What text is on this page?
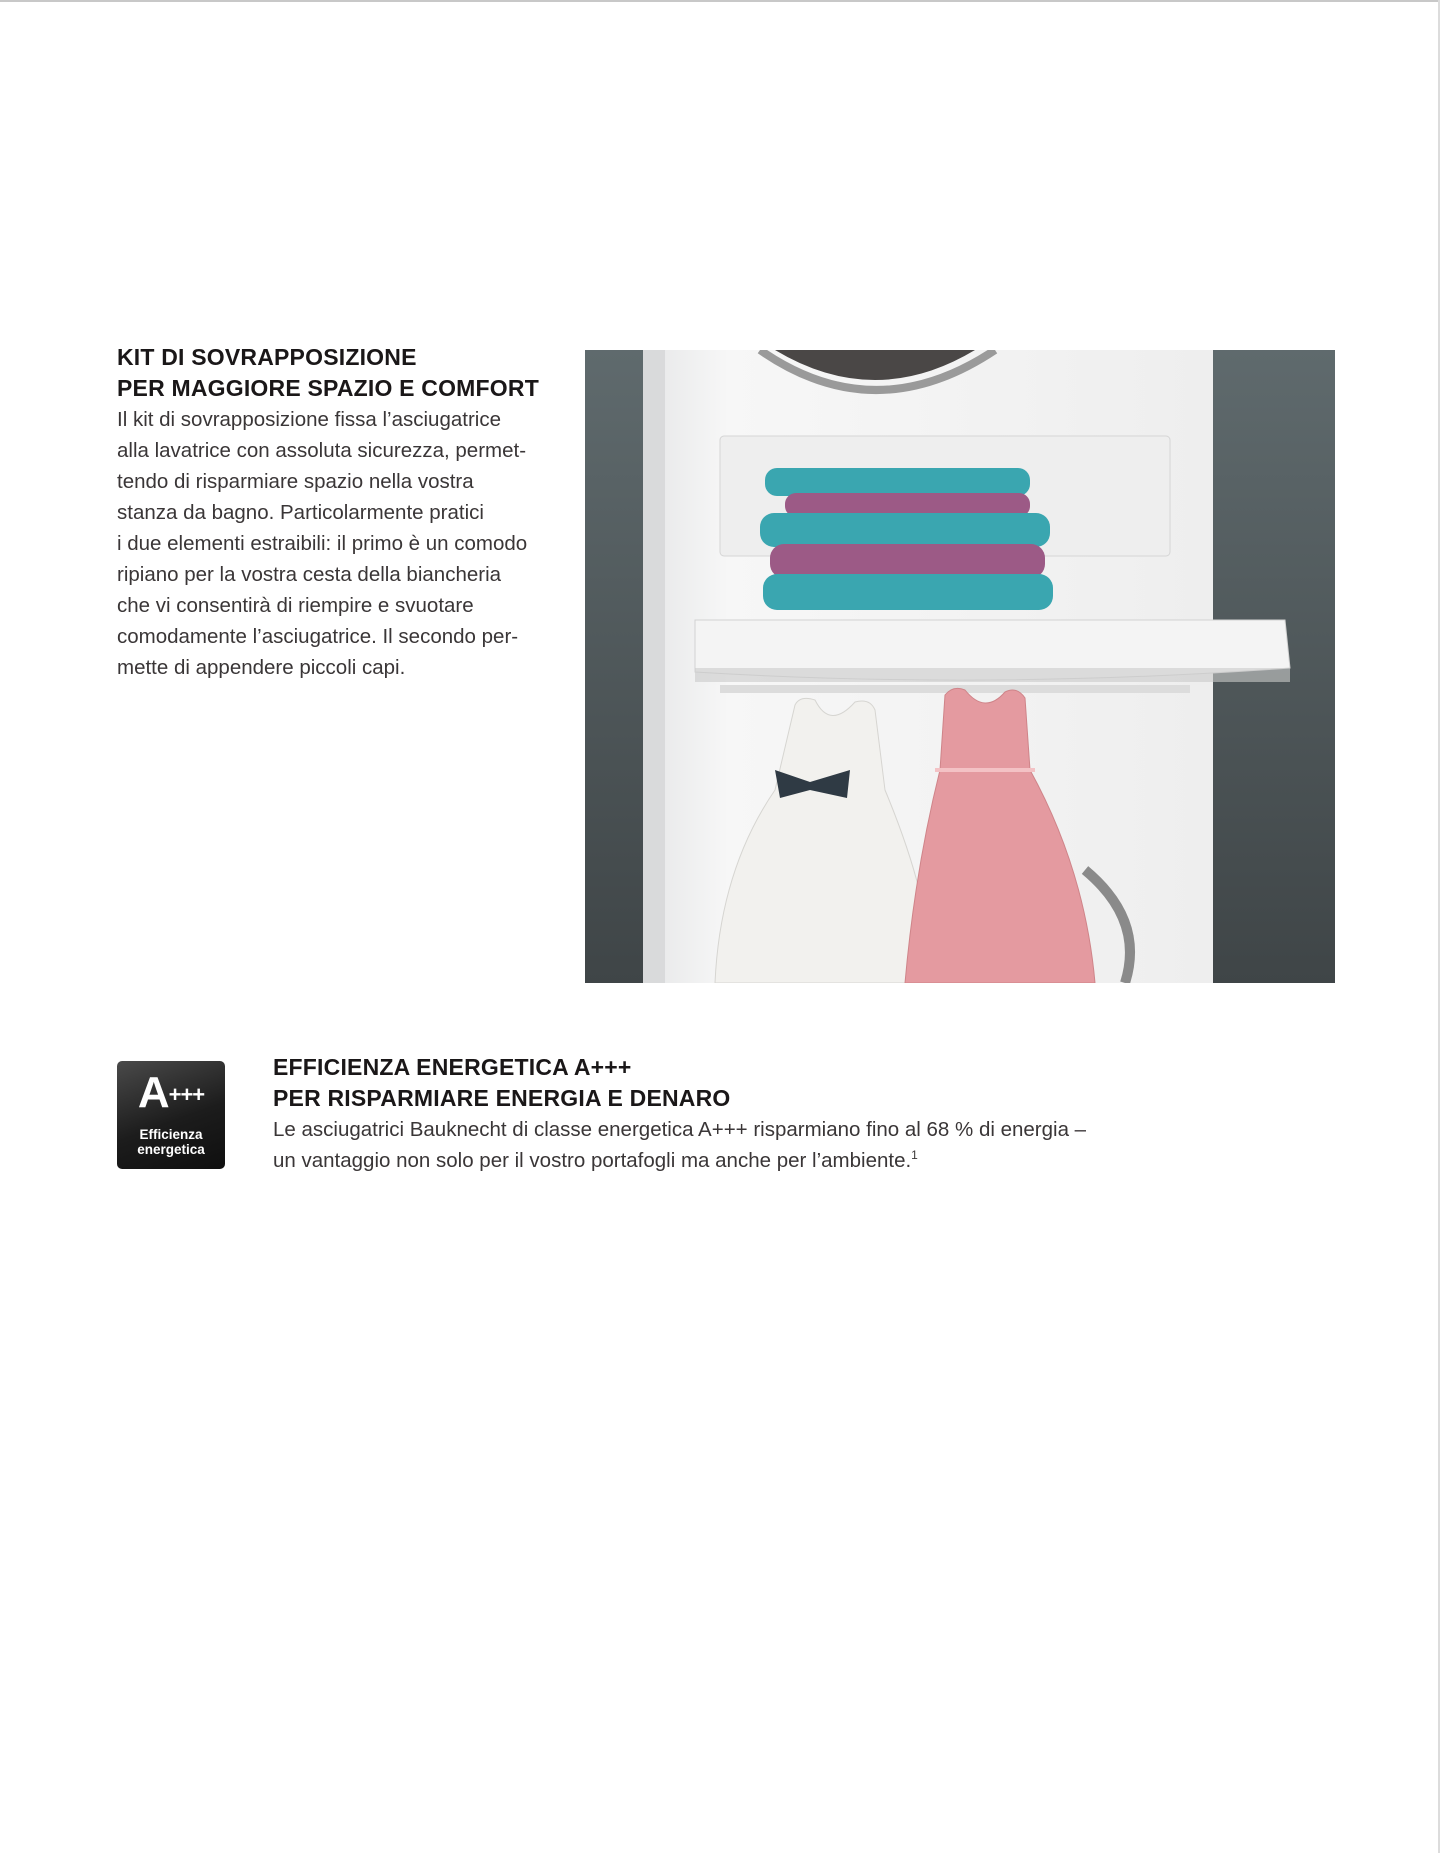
KIT DI SOVRAPPOSIZIONE
PER MAGGIORE SPAZIO E COMFORT

Il kit di sovrapposizione fissa l’asciugatrice
alla lavatrice con assoluta sicurezza, permet-
tendo di risparmiare spazio nella vostra
stanza da bagno. Particolarmente pratici
i due elementi estraibili: il primo è un comodo
ripiano per la vostra cesta della biancheria
che vi consentirà di riempire e svuotare
comodamente l’asciugatrice. Il secondo per-
mette di appendere piccoli capi.

A+++
Efficienza
energetica
EFFICIENZA ENERGETICA A+++
PER RISPARMIARE ENERGIA E DENARO

Le asciugatrici Bauknecht di classe energetica A+++ risparmiano fino al 68 % di energia –
un vantaggio non solo per il vostro portafogli ma anche per l’ambiente.$^1$
